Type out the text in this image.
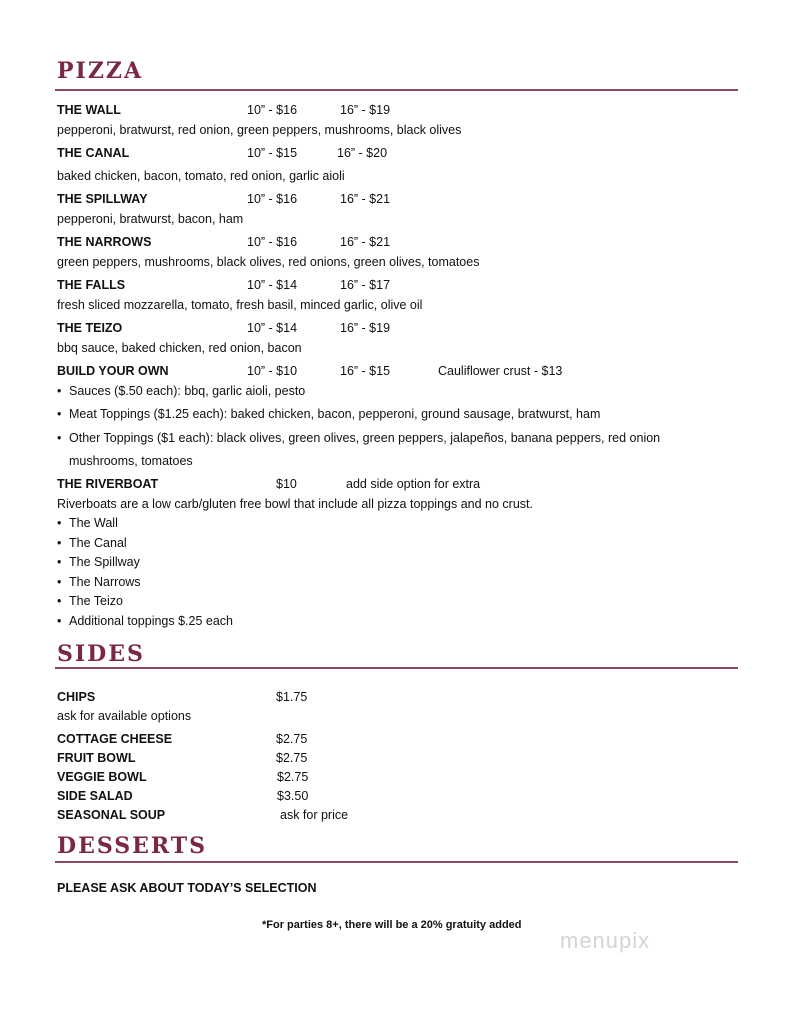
PIZZA
THE WALL	10” - $16	16” - $19
pepperoni, bratwurst, red onion, green peppers, mushrooms, black olives
THE CANAL	10” - $15	16” - $20
baked chicken, bacon, tomato, red onion, garlic aioli
THE SPILLWAY	10” - $16	16” - $21
pepperoni, bratwurst, bacon, ham
THE NARROWS	10” - $16	16” - $21
green peppers, mushrooms, black olives, red onions, green olives, tomatoes
THE FALLS	10” - $14	16” - $17
fresh sliced mozzarella, tomato, fresh basil, minced garlic, olive oil
THE TEIZO	10” - $14	16” - $19
bbq sauce, baked chicken, red onion, bacon
BUILD YOUR OWN	10” - $10	16” - $15	Cauliflower crust - $13
• Sauces ($.50 each): bbq, garlic aioli, pesto
• Meat Toppings ($1.25 each): baked chicken, bacon, pepperoni, ground sausage, bratwurst, ham
• Other Toppings ($1 each): black olives, green olives, green peppers, jalapeños, banana peppers, red onion
mushrooms, tomatoes
THE RIVERBOAT	$10	add side option for extra
Riverboats are a low carb/gluten free bowl that include all pizza toppings and no crust.
• The Wall
• The Canal
• The Spillway
• The Narrows
• The Teizo
• Additional toppings $.25 each
SIDES
CHIPS	$1.75
ask for available options
COTTAGE CHEESE	$2.75
FRUIT BOWL	$2.75
VEGGIE BOWL	$2.75
SIDE SALAD	$3.50
SEASONAL SOUP	ask for price
DESSERTS
PLEASE ASK ABOUT TODAY’S SELECTION
*For parties 8+, there will be a 20% gratuity added
menupix
